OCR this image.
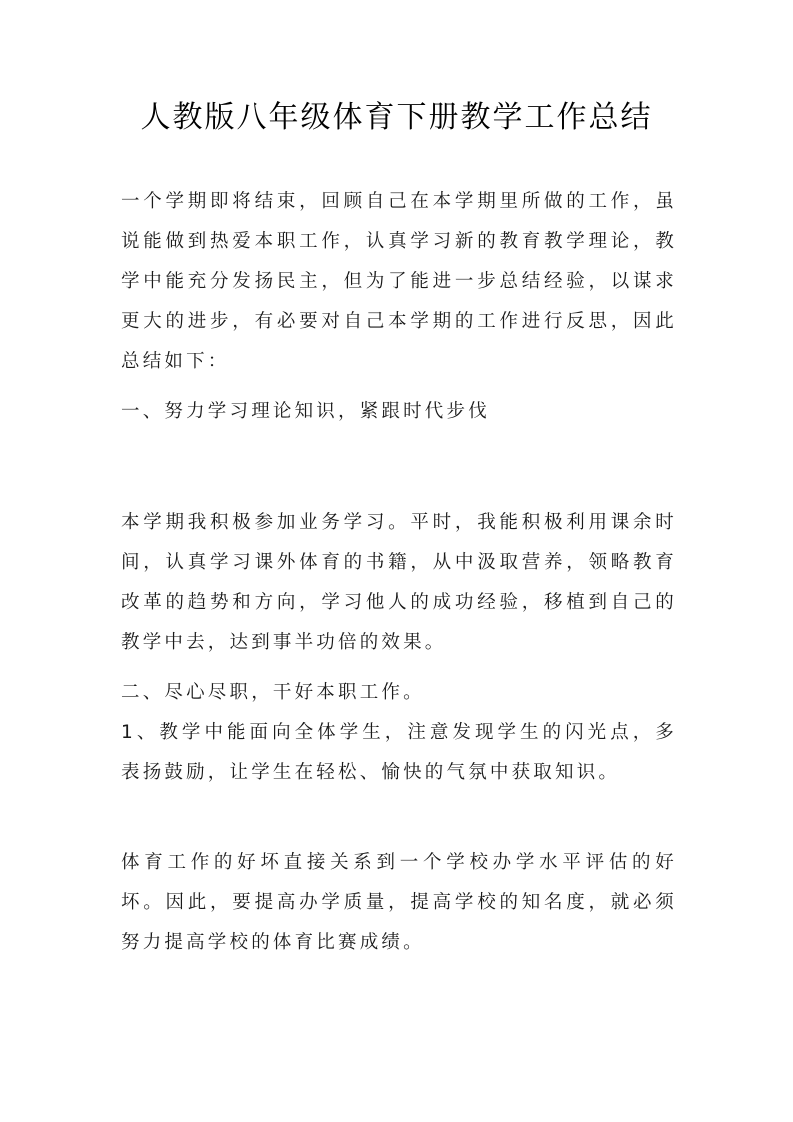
人教版八年级体育下册教学工作总结
一个学期即将结束，回顾自己在本学期里所做的工作，虽说能做到热爱本职工作，认真学习新的教育教学理论，教学中能充分发扬民主，但为了能进一步总结经验，以谋求更大的进步，有必要对自己本学期的工作进行反思，因此总结如下：
一、努力学习理论知识，紧跟时代步伐
本学期我积极参加业务学习。平时，我能积极利用课余时间，认真学习课外体育的书籍，从中汲取营养，领略教育改革的趋势和方向，学习他人的成功经验，移植到自己的教学中去，达到事半功倍的效果。
二、尽心尽职，干好本职工作。
1、教学中能面向全体学生，注意发现学生的闪光点，多表扬鼓励，让学生在轻松、愉快的气氛中获取知识。
体育工作的好坏直接关系到一个学校办学水平评估的好坏。因此，要提高办学质量，提高学校的知名度，就必须努力提高学校的体育比赛成绩。
